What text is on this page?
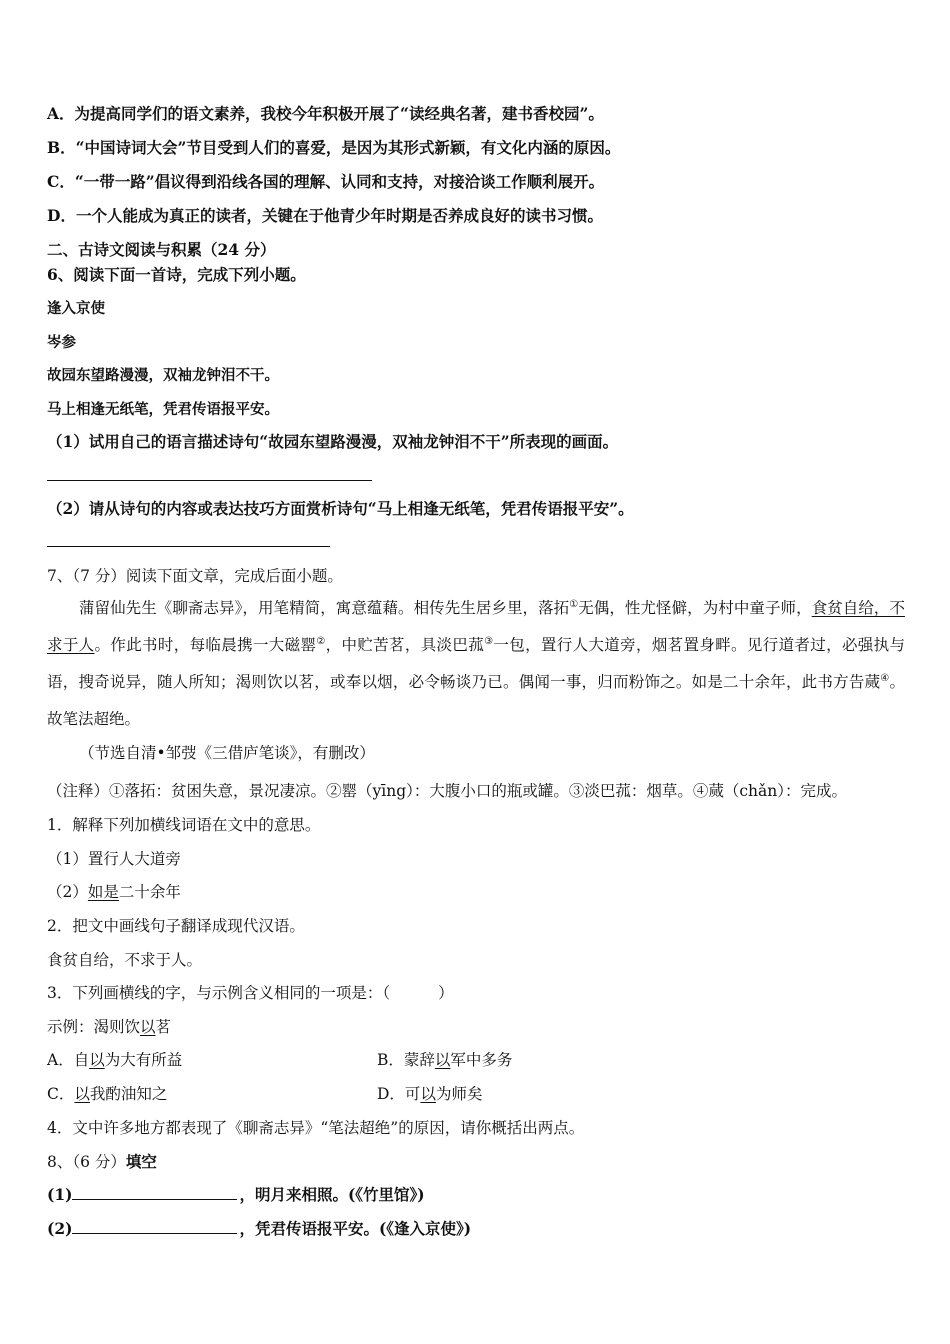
A．为提高同学们的语文素养，我校今年积极开展了“读经典名著，建书香校园”。
B．“中国诗词大会”节目受到人们的喜爱，是因为其形式新颖，有文化内涵的原因。
C．“一带一路”倡议得到沿线各国的理解、认同和支持，对接洽谈工作顺利展开。
D．一个人能成为真正的读者，关键在于他青少年时期是否养成良好的读书习惯。
二、古诗文阅读与积累（24 分）
6、阅读下面一首诗，完成下列小题。
逢入京使
岑参
故园东望路漫漫，双袖龙钟泪不干。
马上相逢无纸笔，凭君传语报平安。
（1）试用自己的语言描述诗句“故园东望路漫漫，双袖龙钟泪不干”所表现的画面。
（2）请从诗句的内容或表达技巧方面赏析诗句“马上相逢无纸笔，凭君传语报平安”。
7、（7 分）阅读下面文章，完成后面小题。
蒲留仙先生《聊斋志异》，用笔精简，寓意蕴藉。相传先生居乡里，落拓①无偶，性尤怪僻，为村中童子师，食贫自给，不求于人。作此书时，每临晨携一大磁罂②，中贮苦茗，具淡巴菰③一包，置行人大道旁，烟茗置身畔。见行道者过，必强执与语，搜奇说异，随人所知；渴则饮以茗，或奉以烟，必令畅谈乃已。偶闻一事，归而粉饰之。如是二十余年，此书方告蒇④。故笔法超绝。
（节选自清•邹弢《三借庐笔谈》，有删改）
（注释）①落拓：贫困失意，景况凄凉。②罂（yīng）：大腹小口的瓶或罐。③淡巴菰：烟草。④蒇（chǎn）：完成。
1．解释下列加横线词语在文中的意思。
（1）置行人大道旁
（2）如是二十余年
2．把文中画线句子翻译成现代汉语。
食贫自给，不求于人。
3．下列画横线的字，与示例含义相同的一项是：（	）
示例：渴则饮以茗
A．自以为大有所益	B．蒙辞以军中多务
C．以我酌油知之	D．可以为师矣
4．文中许多地方都表现了《聊斋志异》“笔法超绝”的原因，请你概括出两点。
8、（6 分）填空
(1)	，明月来相照。(《竹里馆》)
(2)	，凭君传语报平安。(《逢入京使》)
